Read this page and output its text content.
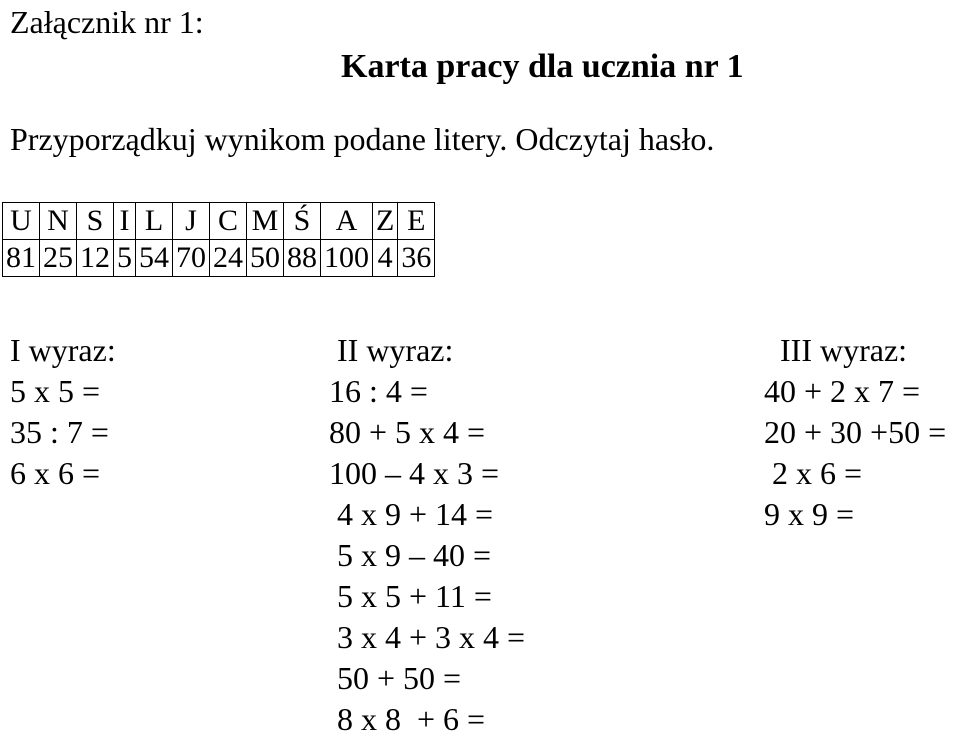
Załącznik nr 1:
Karta pracy dla ucznia nr 1
Przyporządkuj wynikom podane litery. Odczytaj hasło.
U	N	S	I	L	J	C	M	Ś	A	Z	E
81	25	12	5	54	70	24	50	88	100	4	36
I wyraz:
5 x 5 =
35 : 7 =
6 x 6 =
II wyraz:
16 : 4 =
80 + 5 x 4 =
100 – 4 x 3 =
4 x 9 + 14 =
5 x 9 – 40 =
5 x 5 + 11 =
3 x 4 + 3 x 4 =
50 + 50 =
8 x 8  + 6 =
III wyraz:
40 + 2 x 7 =
20 + 30 +50 =
2 x 6 =
9 x 9 =
